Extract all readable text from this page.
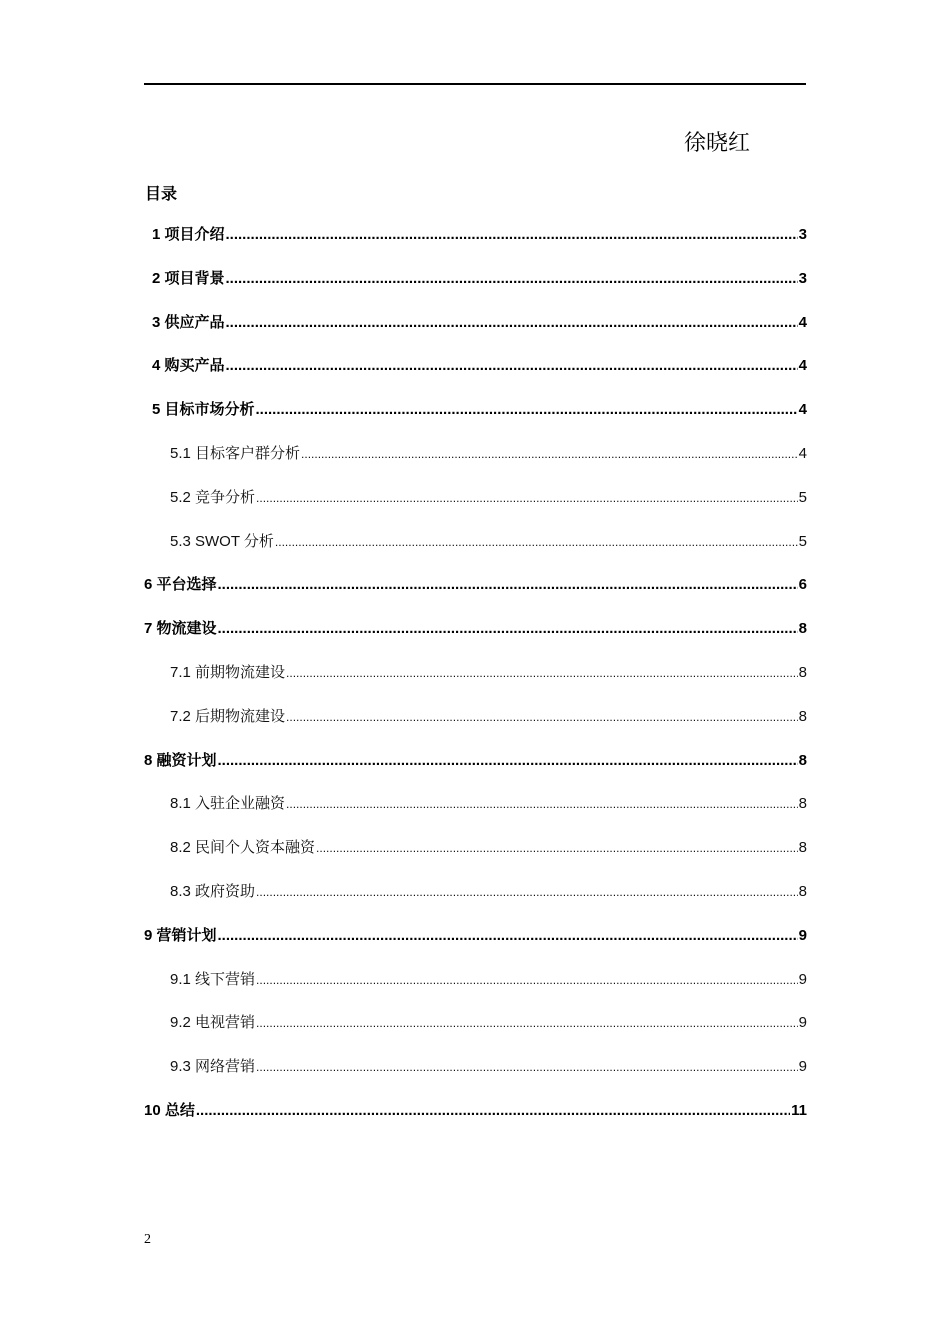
徐晓红
目录
1 项目介绍 .....	3
2 项目背景 .....	3
3 供应产品 .....	4
4 购买产品 .....	4
5 目标市场分析 .....	4
5.1 目标客户群分析 .....	4
5.2 竞争分析 .....	5
5.3 SWOT 分析 .....	5
6 平台选择 .....	6
7 物流建设 .....	8
7.1 前期物流建设 .....	8
7.2 后期物流建设 .....	8
8 融资计划 .....	8
8.1 入驻企业融资 .....	8
8.2 民间个人资本融资 .....	8
8.3 政府资助 .....	8
9 营销计划 .....	9
9.1 线下营销 .....	9
9.2 电视营销 .....	9
9.3 网络营销 .....	9
10 总结 .....	11
2
